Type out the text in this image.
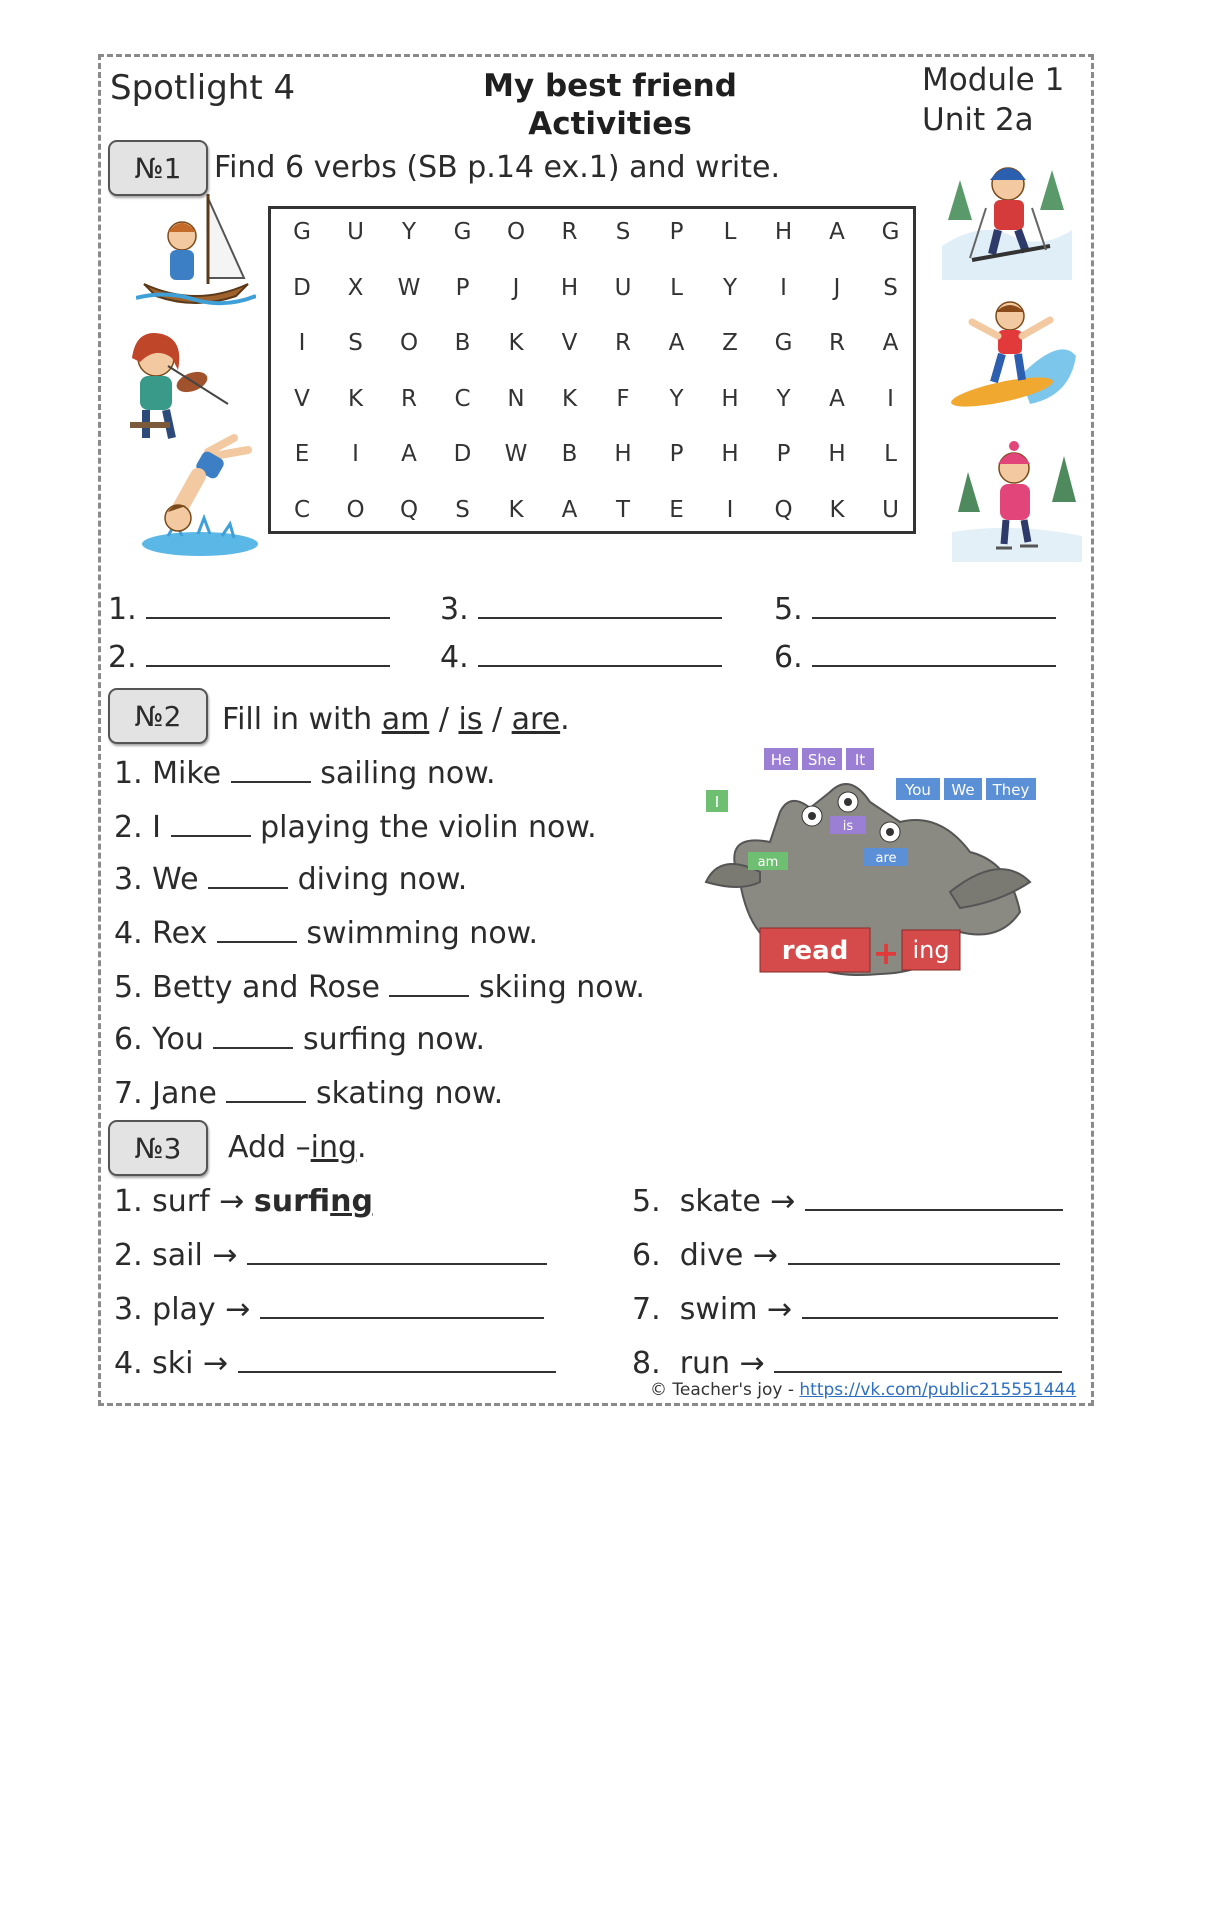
Spotlight 4	My best friend
Activities
Module 1
Unit 2a
№1	Find 6 verbs (SB p.14 ex.1) and write.
G	U	Y	G	O	R	S	P	L	H	A	G
D	X	W	P	J	H	U	L	Y	I	J	S
I	S	O	B	K	V	R	A	Z	G	R	A
V	K	R	C	N	K	F	Y	H	Y	A	I
E	I	A	D	W	B	H	P	H	P	H	L
C	O	Q	S	K	A	T	E	I	Q	K	U
1.	3.	5.
2.	4.	6.
№2	Fill in with am / is / are.
1. Mike	sailing now.
2. I	playing the violin now.
3. We	diving now.
4. Rex	swimming now.
5. Betty and Rose	skiing now.
6. You	surfing now.
7. Jane	skating now.
He She It
I
You We They
is
am	are
read + ing
№3	Add –ing.
1. surf → surfing
2. sail →
3. play →
4. ski →
5.  skate →
6.  dive →
7.  swim →
8.  run →
© Teacher's joy - https://vk.com/public215551444
